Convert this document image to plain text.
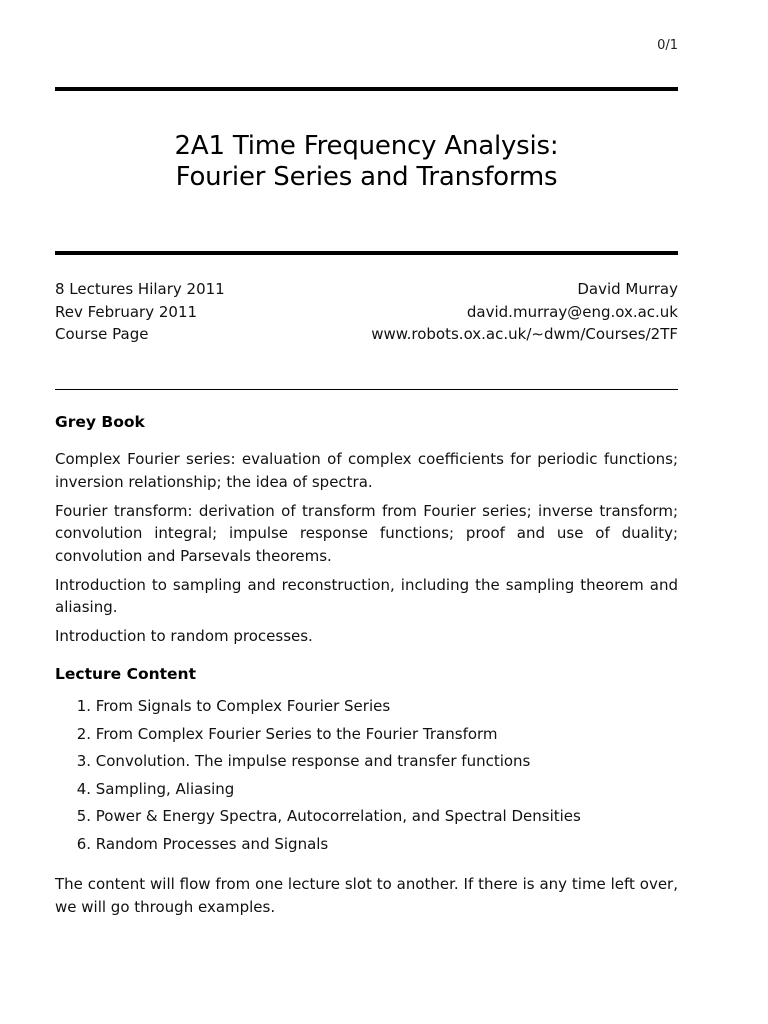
0/1
2A1 Time Frequency Analysis:
Fourier Series and Transforms
8 Lectures Hilary 2011	David Murray
Rev February 2011	david.murray@eng.ox.ac.uk
Course Page	www.robots.ox.ac.uk/∼dwm/Courses/2TF
Grey Book

Complex Fourier series: evaluation of complex coefficients for periodic functions; inversion relationship; the idea of spectra.

Fourier transform: derivation of transform from Fourier series; inverse transform; convolution integral; impulse response functions; proof and use of duality; convolution and Parsevals theorems.

Introduction to sampling and reconstruction, including the sampling theorem and aliasing.

Introduction to random processes.

Lecture Content
1.
From Signals to Complex Fourier Series
2.
From Complex Fourier Series to the Fourier Transform
3.
Convolution. The impulse response and transfer functions
4.
Sampling, Aliasing
5.
Power & Energy Spectra, Autocorrelation, and Spectral Densities
6.
Random Processes and Signals

The content will flow from one lecture slot to another. If there is any time left over, we will go through examples.
